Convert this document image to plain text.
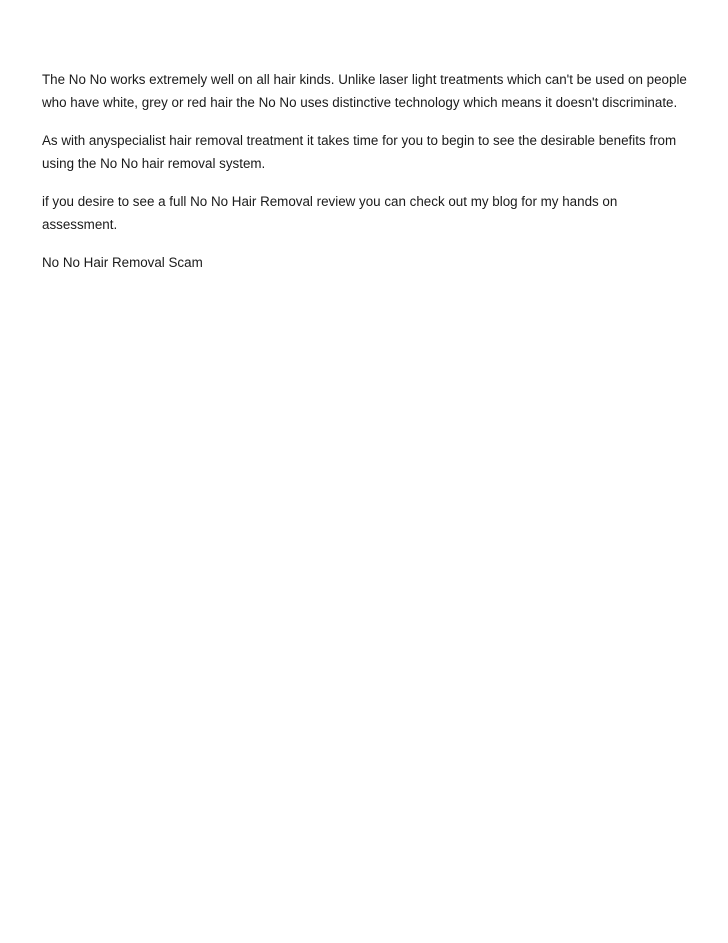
The No No works extremely well on all hair kinds. Unlike laser light treatments which can't be used on people who have white, grey or red hair the No No uses distinctive technology which means it doesn't discriminate.

As with anyspecialist hair removal treatment it takes time for you to begin to see the desirable benefits from using the No No hair removal system.

if you desire to see a full No No Hair Removal review you can check out my blog for my hands on assessment.

No No Hair Removal Scam
